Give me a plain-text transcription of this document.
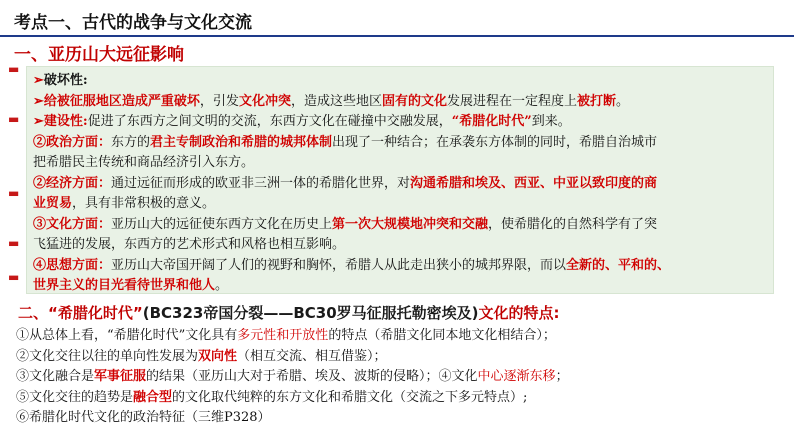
考点一、古代的战争与文化交流
一、亚历山大远征影响
▬
▬
▬
▬
▬
➢破坏性:
➢给被征服地区造成严重破坏，引发文化冲突，造成这些地区固有的文化发展进程在一定程度上被打断。
➢建设性:促进了东西方之间文明的交流，东西方文化在碰撞中交融发展，“希腊化时代”到来。
②政治方面：东方的君主专制政治和希腊的城邦体制出现了一种结合；在承袭东方体制的同时，希腊自治城市
把希腊民主传统和商品经济引入东方。
②经济方面：通过远征而形成的欧亚非三洲一体的希腊化世界，对沟通希腊和埃及、西亚、中亚以致印度的商
业贸易，具有非常积极的意义。
③文化方面：亚历山大的远征使东西方文化在历史上第一次大规模地冲突和交融，使希腊化的自然科学有了突
飞猛进的发展，东西方的艺术形式和风格也相互影响。
④思想方面：亚历山大帝国开阔了人们的视野和胸怀，希腊人从此走出狭小的城邦界限，而以全新的、平和的、
世界主义的目光看待世界和他人。
二、“希腊化时代”(BC323帝国分裂——BC30罗马征服托勒密埃及)文化的特点:
①从总体上看，“希腊化时代”文化具有多元性和开放性的特点（希腊文化同本地文化相结合）；
②文化交往以往的单向性发展为双向性（相互交流、相互借鉴）；
③文化融合是军事征服的结果（亚历山大对于希腊、埃及、波斯的侵略）；④文化中心逐渐东移；
⑤文化交往的趋势是融合型的文化取代纯粹的东方文化和希腊文化（交流之下多元特点）;
⑥希腊化时代文化的政治特征（三维P328）
